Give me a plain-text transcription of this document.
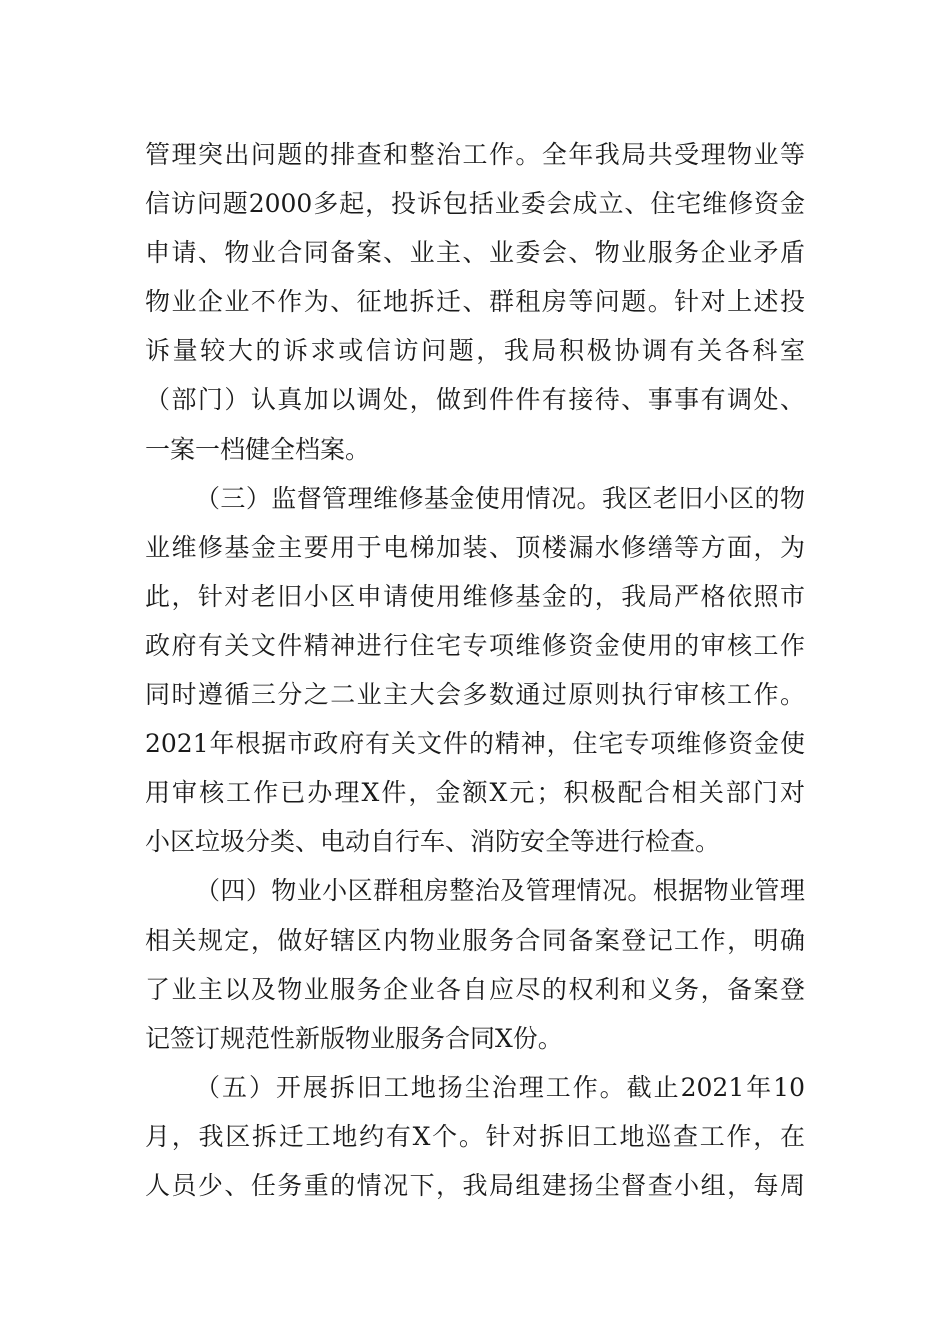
管理突出问题的排查和整治工作。全年我局共受理物业等
信访问题2000多起，投诉包括业委会成立、住宅维修资金
申请、物业合同备案、业主、业委会、物业服务企业矛盾
物业企业不作为、征地拆迁、群租房等问题。针对上述投
诉量较大的诉求或信访问题，我局积极协调有关各科室
（部门）认真加以调处，做到件件有接待、事事有调处、
一案一档健全档案。
（三）监督管理维修基金使用情况。我区老旧小区的物
业维修基金主要用于电梯加装、顶楼漏水修缮等方面，为
此，针对老旧小区申请使用维修基金的，我局严格依照市
政府有关文件精神进行住宅专项维修资金使用的审核工作
同时遵循三分之二业主大会多数通过原则执行审核工作。
2021年根据市政府有关文件的精神，住宅专项维修资金使
用审核工作已办理X件，金额X元；积极配合相关部门对
小区垃圾分类、电动自行车、消防安全等进行检查。
（四）物业小区群租房整治及管理情况。根据物业管理
相关规定，做好辖区内物业服务合同备案登记工作，明确
了业主以及物业服务企业各自应尽的权利和义务，备案登
记签订规范性新版物业服务合同X份。
（五）开展拆旧工地扬尘治理工作。截止2021年10
月，我区拆迁工地约有X个。针对拆旧工地巡查工作，在
人员少、任务重的情况下，我局组建扬尘督查小组，每周
